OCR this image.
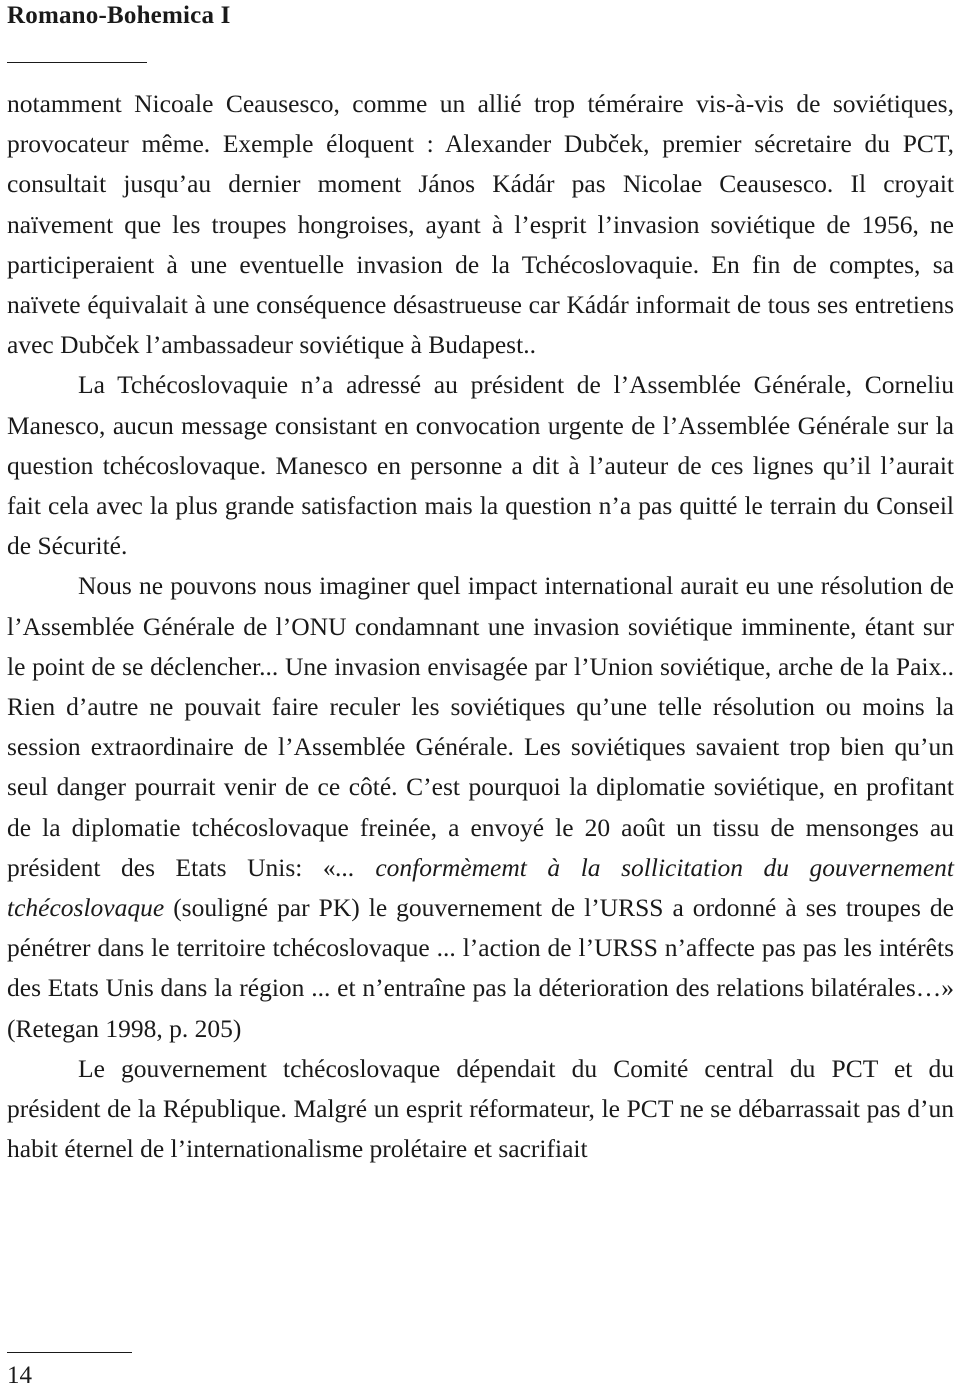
Romano-Bohemica I

notamment Nicoale Ceausesco, comme un allié trop téméraire vis-à-vis de soviétiques, provocateur même. Exemple éloquent : Alexander Dubček, premier sécretaire du PCT, consultait jusqu’au dernier moment János Kádár pas Nicolae Ceausesco. Il croyait naïvement que les troupes hongroises, ayant à l’esprit l’invasion soviétique de 1956, ne participeraient à une eventuelle invasion de la Tchécoslovaquie. En fin de comptes, sa naïvete équivalait à une conséquence désastrueuse car Kádár informait de tous ses entretiens avec Dubček l’ambassadeur soviétique à Budapest..

La Tchécoslovaquie n’a adressé au président de l’Assemblée Générale, Corneliu Manesco, aucun message consistant en convocation urgente de l’Assemblée Générale sur la question tchécoslovaque. Manesco en personne a dit à l’auteur de ces lignes qu’il l’aurait fait cela avec la plus grande satisfaction mais la question n’a pas quitté le terrain du Conseil de Sécurité.

Nous ne pouvons nous imaginer quel impact international aurait eu une résolution de l’Assemblée Générale de l’ONU condamnant une invasion soviétique imminente, étant sur le point de se déclencher... Une invasion envisagée par l’Union soviétique, arche de la Paix.. Rien d’autre ne pouvait faire reculer les soviétiques qu’une telle résolution ou moins la session extraordinaire de l’Assemblée Générale. Les soviétiques savaient trop bien qu’un seul danger pourrait venir de ce côté. C’est pourquoi la diplomatie soviétique, en profitant de la diplomatie tchécoslovaque freinée, a envoyé le 20 août un tissu de mensonges au président des Etats Unis: «... conformèmemt à la sollicitation du gouvernement tchécoslovaque (souligné par PK) le gouvernement de l’URSS a ordonné à ses troupes de pénétrer dans le territoire tchécoslovaque ... l’action de l’URSS n’affecte pas pas les intérêts des Etats Unis dans la région ... et n’entraîne pas la déterioration des relations bilatérales…» (Retegan 1998, p. 205)

Le gouvernement tchécoslovaque dépendait du Comité central du PCT et du président de la République. Malgré un esprit réformateur, le PCT ne se débarrassait pas d’un habit éternel de l’internationalisme prolétaire et sacrifiait

14
